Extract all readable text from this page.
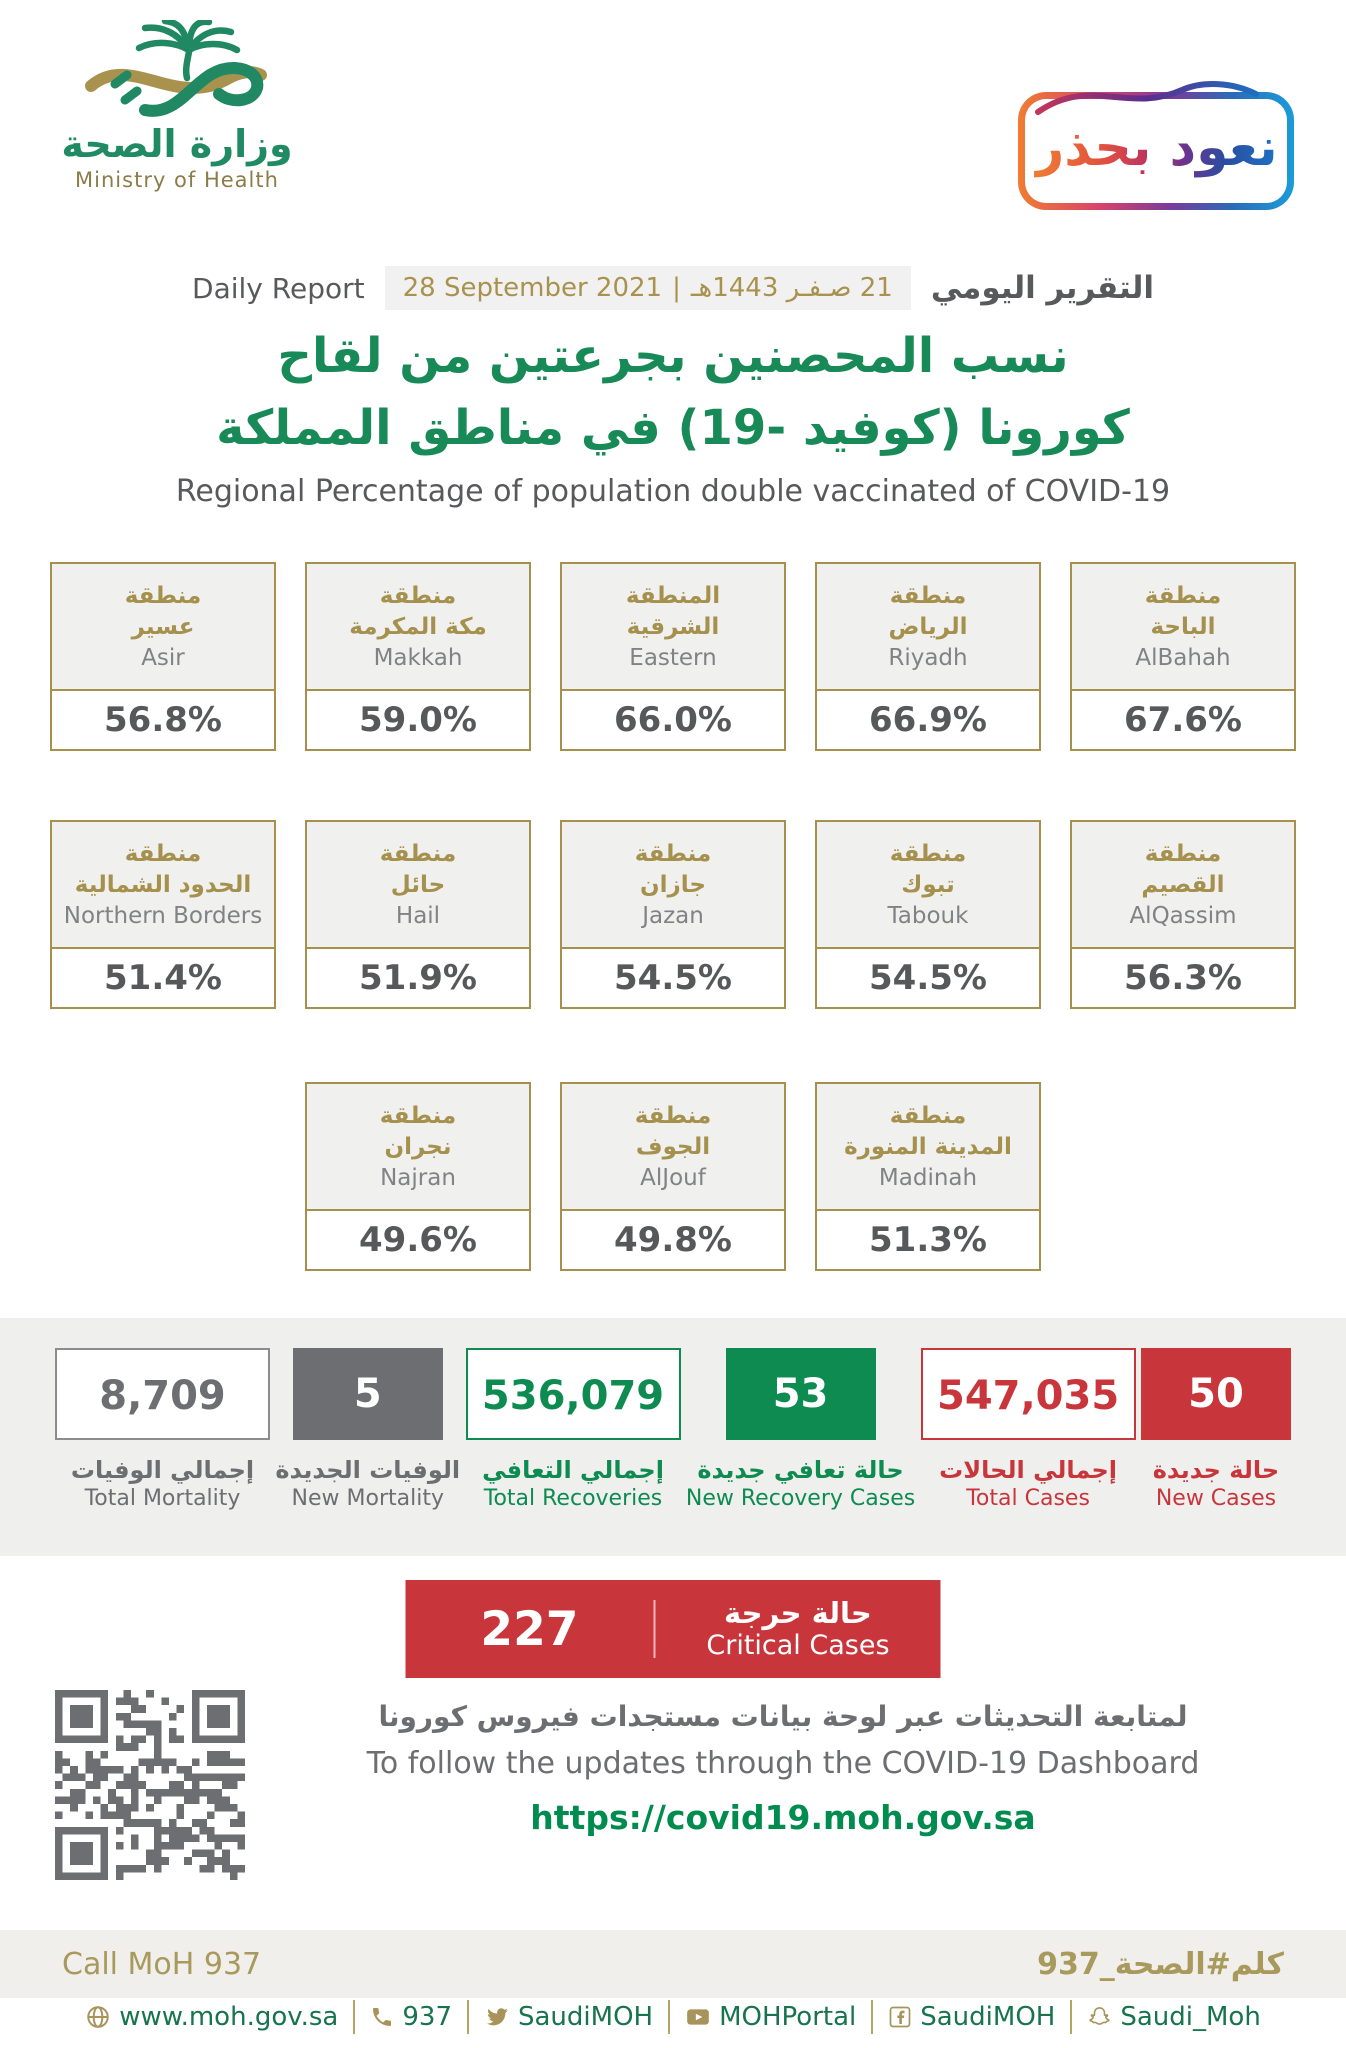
وزارة الصحة
Ministry of Health
نعود بحذر
Daily Report 28 September 2021 | 21 صـفـر 1443هـ التقرير اليومي
نسب المحصنين بجرعتين من لقاح
كورونا (كوفيد -19) في مناطق المملكة
Regional Percentage of population double vaccinated of COVID-19
منطقة
عسير
Asir
56.8%
منطقة
مكة المكرمة
Makkah
59.0%
المنطقة
الشرقية
Eastern
66.0%
منطقة
الرياض
Riyadh
66.9%
منطقة
الباحة
AlBahah
67.6%
منطقة
الحدود الشمالية
Northern Borders
51.4%
منطقة
حائل
Hail
51.9%
منطقة
جازان
Jazan
54.5%
منطقة
تبوك
Tabouk
54.5%
منطقة
القصيم
AlQassim
56.3%
منطقة
نجران
Najran
49.6%
منطقة
الجوف
AlJouf
49.8%
منطقة
المدينة المنورة
Madinah
51.3%
8,709
إجمالي الوفيات
Total Mortality
5
الوفيات الجديدة
New Mortality
536,079
إجمالي التعافي
Total Recoveries
53
حالة تعافي جديدة
New Recovery Cases
547,035
إجمالي الحالات
Total Cases
50
حالة جديدة
New Cases
227	حالة حرجة
Critical Cases
لمتابعة التحديثات عبر لوحة بيانات مستجدات فيروس كورونا
To follow the updates through the COVID-19 Dashboard
https://covid19.moh.gov.sa
Call MoH 937	كلم#الصحة_937
www.moh.gov.sa 937	SaudiMOH	MOHPortal SaudiMOH	Saudi_Moh
